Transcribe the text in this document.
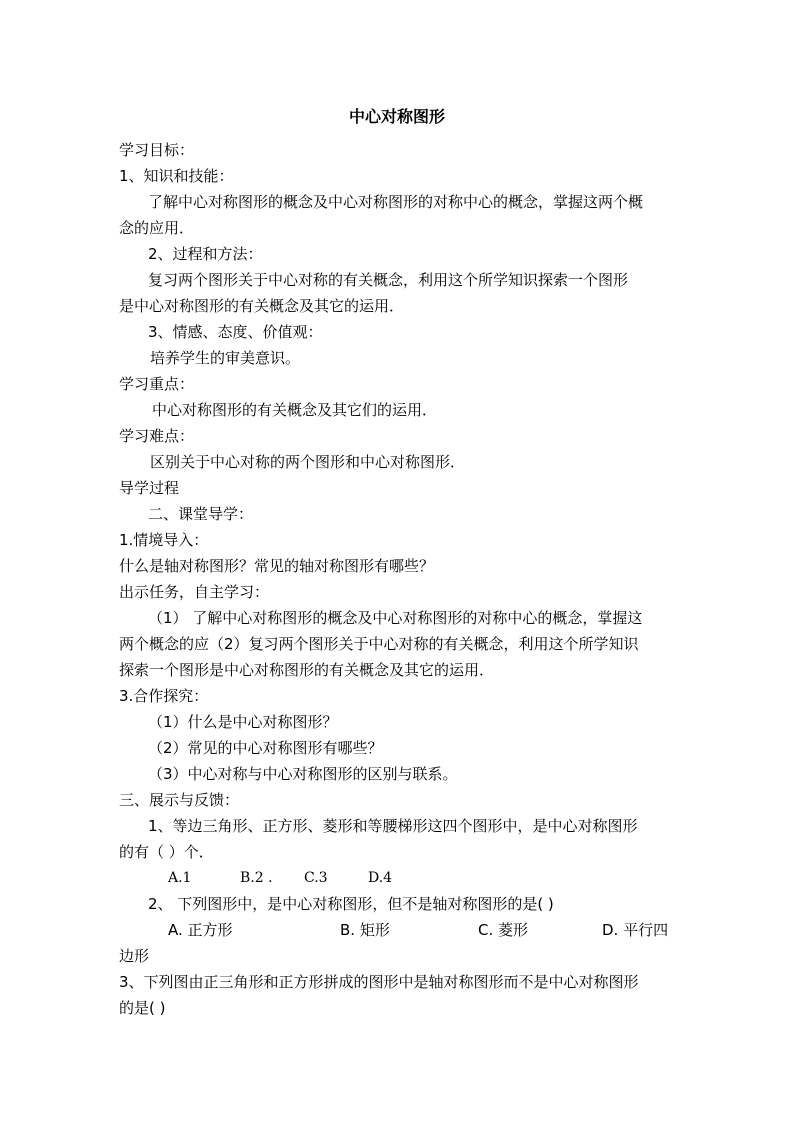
中心对称图形
学习目标：
1、知识和技能：
了解中心对称图形的概念及中心对称图形的对称中心的概念，掌握这两个概
念的应用．
2、过程和方法：
复习两个图形关于中心对称的有关概念，利用这个所学知识探索一个图形
是中心对称图形的有关概念及其它的运用．
3、情感、态度、价值观：
培养学生的审美意识。
学习重点：
中心对称图形的有关概念及其它们的运用．
学习难点：
区别关于中心对称的两个图形和中心对称图形．
导学过程
二、课堂导学：
1.情境导入：
什么是轴对称图形？常见的轴对称图形有哪些？
出示任务，自主学习：
（1） 了解中心对称图形的概念及中心对称图形的对称中心的概念，掌握这
两个概念的应（2）复习两个图形关于中心对称的有关概念，利用这个所学知识
探索一个图形是中心对称图形的有关概念及其它的运用．
3.合作探究：
（1）什么是中心对称图形？
（2）常见的中心对称图形有哪些？
（3）中心对称与中心对称图形的区别与联系。
三、展示与反馈：
1、等边三角形、正方形、菱形和等腰梯形这四个图形中，是中心对称图形
的有（ ）个．
A.1	B.2 . C.3	D.4
2、 下列图形中，是中心对称图形，但不是轴对称图形的是( )
A. 正方形	B. 矩形	C. 菱形	D. 平行四
边形
3、下列图由正三角形和正方形拼成的图形中是轴对称图形而不是中心对称图形
的是( )
